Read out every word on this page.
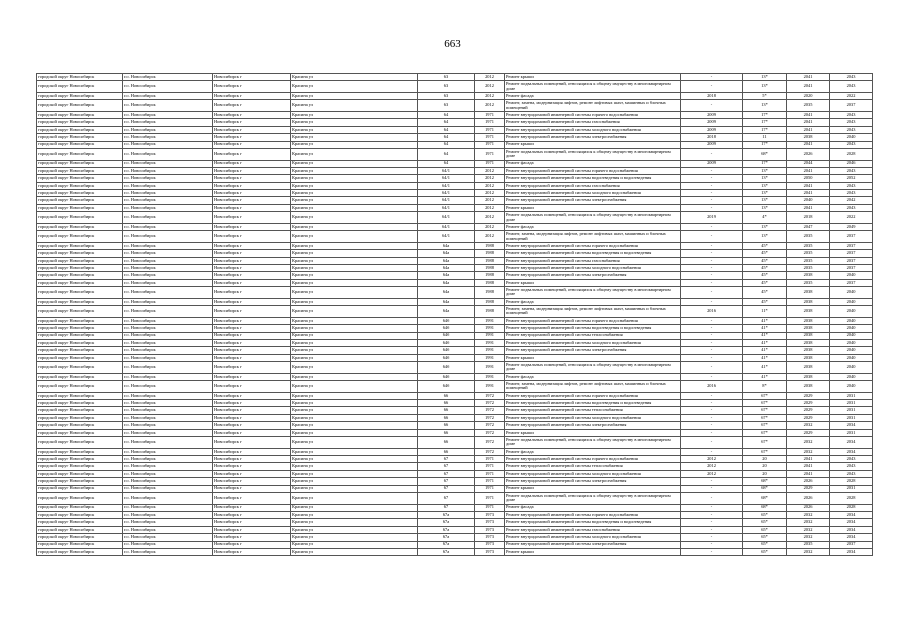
663
городской округ Новосибирск	г.о. Новосибирск	Новосибирск г	Красина ул	63	2012	Ремонт крыши	-	13*	2041	2043
городской округ Новосибирск	г.о. Новосибирск	Новосибирск г	Красина ул	63	2012	Ремонт подвальных помещений, относящихся к общему имуществу в многоквартирном доме	-	13*	2041	2043
городской округ Новосибирск	г.о. Новосибирск	Новосибирск г	Красина ул	63	2012	Ремонт фасада	2018	5*	2020	2022
городской округ Новосибирск	г.о. Новосибирск	Новосибирск г	Красина ул	63	2012	Ремонт, замена, модернизация лифтов, ремонт лифтовых шахт, машинных и блочных помещений	-	13*	2035	2037
городской округ Новосибирск	г.о. Новосибирск	Новосибирск г	Красина ул	64	1971	Ремонт внутридомовой инженерной системы горячего водоснабжения	2009	17*	2041	2043
городской округ Новосибирск	г.о. Новосибирск	Новосибирск г	Красина ул	64	1971	Ремонт внутридомовой инженерной системы газоснабжения	2009	17*	2041	2043
городской округ Новосибирск	г.о. Новосибирск	Новосибирск г	Красина ул	64	1971	Ремонт внутридомовой инженерной системы холодного водоснабжения	2009	17*	2041	2043
городской округ Новосибирск	г.о. Новосибирск	Новосибирск г	Красина ул	64	1971	Ремонт внутридомовой инженерной системы электроснабжения	2018	11	2038	2040
городской округ Новосибирск	г.о. Новосибирск	Новосибирск г	Красина ул	64	1971	Ремонт крыши	2009	17*	2041	2043
городской округ Новосибирск	г.о. Новосибирск	Новосибирск г	Красина ул	64	1971	Ремонт подвальных помещений, относящихся к общему имуществу в многоквартирном доме	-	68*	2026	2028
городской округ Новосибирск	г.о. Новосибирск	Новосибирск г	Красина ул	64	1971	Ремонт фасада	2009	17*	2044	2046
городской округ Новосибирск	г.о. Новосибирск	Новосибирск г	Красина ул	64/1	2012	Ремонт внутридомовой инженерной системы горячего водоснабжения	-	13*	2041	2043
городской округ Новосибирск	г.о. Новосибирск	Новосибирск г	Красина ул	64/1	2012	Ремонт внутридомовой инженерной системы водоотведения и водоотведения	-	13*	2050	2052
городской округ Новосибирск	г.о. Новосибирск	Новосибирск г	Красина ул	64/1	2012	Ремонт внутридомовой инженерной системы газоснабжения	-	13*	2041	2043
городской округ Новосибирск	г.о. Новосибирск	Новосибирск г	Красина ул	64/1	2012	Ремонт внутридомовой инженерной системы холодного водоснабжения	-	13*	2041	2043
городской округ Новосибирск	г.о. Новосибирск	Новосибирск г	Красина ул	64/1	2012	Ремонт внутридомовой инженерной системы электроснабжения	-	13*	2040	2042
городской округ Новосибирск	г.о. Новосибирск	Новосибирск г	Красина ул	64/1	2012	Ремонт крыши	-	13*	2041	2043
городской округ Новосибирск	г.о. Новосибирск	Новосибирск г	Красина ул	64/1	2012	Ремонт подвальных помещений, относящихся к общему имуществу в многоквартирном доме	2019	4*	2018	2022
городской округ Новосибирск	г.о. Новосибирск	Новосибирск г	Красина ул	64/1	2012	Ремонт фасада	-	13*	2047	2049
городской округ Новосибирск	г.о. Новосибирск	Новосибирск г	Красина ул	64/1	2012	Ремонт, замена, модернизация лифтов, ремонт лифтовых шахт, машинных и блочных помещений	-	13*	2035	2037
городской округ Новосибирск	г.о. Новосибирск	Новосибирск г	Красина ул	64а	1988	Ремонт внутридомовой инженерной системы горячего водоснабжения	-	45*	2035	2037
городской округ Новосибирск	г.о. Новосибирск	Новосибирск г	Красина ул	64а	1988	Ремонт внутридомовой инженерной системы водоотведения и водоотведения	-	45*	2035	2037
городской округ Новосибирск	г.о. Новосибирск	Новосибирск г	Красина ул	64а	1988	Ремонт внутридомовой инженерной системы газоснабжения	-	45*	2035	2037
городской округ Новосибирск	г.о. Новосибирск	Новосибирск г	Красина ул	64а	1988	Ремонт внутридомовой инженерной системы холодного водоснабжения	-	45*	2035	2037
городской округ Новосибирск	г.о. Новосибирск	Новосибирск г	Красина ул	64а	1988	Ремонт внутридомовой инженерной системы электроснабжения	-	45*	2038	2040
городской округ Новосибирск	г.о. Новосибирск	Новосибирск г	Красина ул	64а	1988	Ремонт крыши	-	45*	2035	2037
городской округ Новосибирск	г.о. Новосибирск	Новосибирск г	Красина ул	64а	1988	Ремонт подвальных помещений, относящихся к общему имуществу в многоквартирном доме	-	45*	2038	2040
городской округ Новосибирск	г.о. Новосибирск	Новосибирск г	Красина ул	64а	1988	Ремонт фасада	-	45*	2038	2040
городской округ Новосибирск	г.о. Новосибирск	Новосибирск г	Красина ул	64а	1988	Ремонт, замена, модернизация лифтов, ремонт лифтовых шахт, машинных и блочных помещений	2016	11*	2038	2040
городской округ Новосибирск	г.о. Новосибирск	Новосибирск г	Красина ул	64б	1991	Ремонт внутридомовой инженерной системы горячего водоснабжения	-	41*	2038	2040
городской округ Новосибирск	г.о. Новосибирск	Новосибирск г	Красина ул	64б	1991	Ремонт внутридомовой инженерной системы водоотведения и водоотведения	-	41*	2038	2040
городской округ Новосибирск	г.о. Новосибирск	Новосибирск г	Красина ул	64б	1991	Ремонт внутридомовой инженерной системы теплоснабжения	-	41*	2038	2040
городской округ Новосибирск	г.о. Новосибирск	Новосибирск г	Красина ул	64б	1991	Ремонт внутридомовой инженерной системы холодного водоснабжения	-	41*	2038	2040
городской округ Новосибирск	г.о. Новосибирск	Новосибирск г	Красина ул	64б	1991	Ремонт внутридомовой инженерной системы электроснабжения	-	41*	2038	2040
городской округ Новосибирск	г.о. Новосибирск	Новосибирск г	Красина ул	64б	1991	Ремонт крыши	-	41*	2038	2040
городской округ Новосибирск	г.о. Новосибирск	Новосибирск г	Красина ул	64б	1991	Ремонт подвальных помещений, относящихся к общему имуществу в многоквартирном доме	-	41*	2038	2040
городской округ Новосибирск	г.о. Новосибирск	Новосибирск г	Красина ул	64б	1991	Ремонт фасада	-	41*	2038	2040
городской округ Новосибирск	г.о. Новосибирск	Новосибирск г	Красина ул	64б	1991	Ремонт, замена, модернизация лифтов, ремонт лифтовых шахт, машинных и блочных помещений	2016	8*	2038	2040
городской округ Новосибирск	г.о. Новосибирск	Новосибирск г	Красина ул	66	1972	Ремонт внутридомовой инженерной системы горячего водоснабжения	-	67*	2029	2031
городской округ Новосибирск	г.о. Новосибирск	Новосибирск г	Красина ул	66	1972	Ремонт внутридомовой инженерной системы водоотведения и водоотведения	-	67*	2029	2031
городской округ Новосибирск	г.о. Новосибирск	Новосибирск г	Красина ул	66	1972	Ремонт внутридомовой инженерной системы теплоснабжения	-	67*	2029	2031
городской округ Новосибирск	г.о. Новосибирск	Новосибирск г	Красина ул	66	1972	Ремонт внутридомовой инженерной системы холодного водоснабжения	-	67*	2029	2031
городской округ Новосибирск	г.о. Новосибирск	Новосибирск г	Красина ул	66	1972	Ремонт внутридомовой инженерной системы электроснабжения	-	67*	2032	2034
городской округ Новосибирск	г.о. Новосибирск	Новосибирск г	Красина ул	66	1972	Ремонт крыши	-	67*	2029	2031
городской округ Новосибирск	г.о. Новосибирск	Новосибирск г	Красина ул	66	1972	Ремонт подвальных помещений, относящихся к общему имуществу в многоквартирном доме	-	67*	2032	2034
городской округ Новосибирск	г.о. Новосибирск	Новосибирск г	Красина ул	66	1972	Ремонт фасада	-	67*	2032	2034
городской округ Новосибирск	г.о. Новосибирск	Новосибирск г	Красина ул	67	1971	Ремонт внутридомовой инженерной системы горячего водоснабжения	2012	20	2041	2043
городской округ Новосибирск	г.о. Новосибирск	Новосибирск г	Красина ул	67	1971	Ремонт внутридомовой инженерной системы теплоснабжения	2012	20	2041	2043
городской округ Новосибирск	г.о. Новосибирск	Новосибирск г	Красина ул	67	1971	Ремонт внутридомовой инженерной системы холодного водоснабжения	2012	20	2041	2043
городской округ Новосибирск	г.о. Новосибирск	Новосибирск г	Красина ул	67	1971	Ремонт внутридомовой инженерной системы электроснабжения	-	68*	2026	2028
городской округ Новосибирск	г.о. Новосибирск	Новосибирск г	Красина ул	67	1971	Ремонт крыши	-	68*	2029	2031
городской округ Новосибирск	г.о. Новосибирск	Новосибирск г	Красина ул	67	1971	Ремонт подвальных помещений, относящихся к общему имуществу в многоквартирном доме	-	68*	2026	2028
городской округ Новосибирск	г.о. Новосибирск	Новосибирск г	Красина ул	67	1971	Ремонт фасада	-	68*	2026	2028
городской округ Новосибирск	г.о. Новосибирск	Новосибирск г	Красина ул	67а	1973	Ремонт внутридомовой инженерной системы горячего водоснабжения	-	65*	2032	2034
городской округ Новосибирск	г.о. Новосибирск	Новосибирск г	Красина ул	67а	1973	Ремонт внутридомовой инженерной системы водоотведения и водоотведения	-	65*	2032	2034
городской округ Новосибирск	г.о. Новосибирск	Новосибирск г	Красина ул	67а	1973	Ремонт внутридомовой инженерной системы газоснабжения	-	65*	2032	2034
городской округ Новосибирск	г.о. Новосибирск	Новосибирск г	Красина ул	67а	1973	Ремонт внутридомовой инженерной системы холодного водоснабжения	-	65*	2032	2034
городской округ Новосибирск	г.о. Новосибирск	Новосибирск г	Красина ул	67а	1973	Ремонт внутридомовой инженерной системы электроснабжения	-	65*	2035	2037
городской округ Новосибирск	г.о. Новосибирск	Новосибирск г	Красина ул	67а	1973	Ремонт крыши	-	65*	2032	2034
